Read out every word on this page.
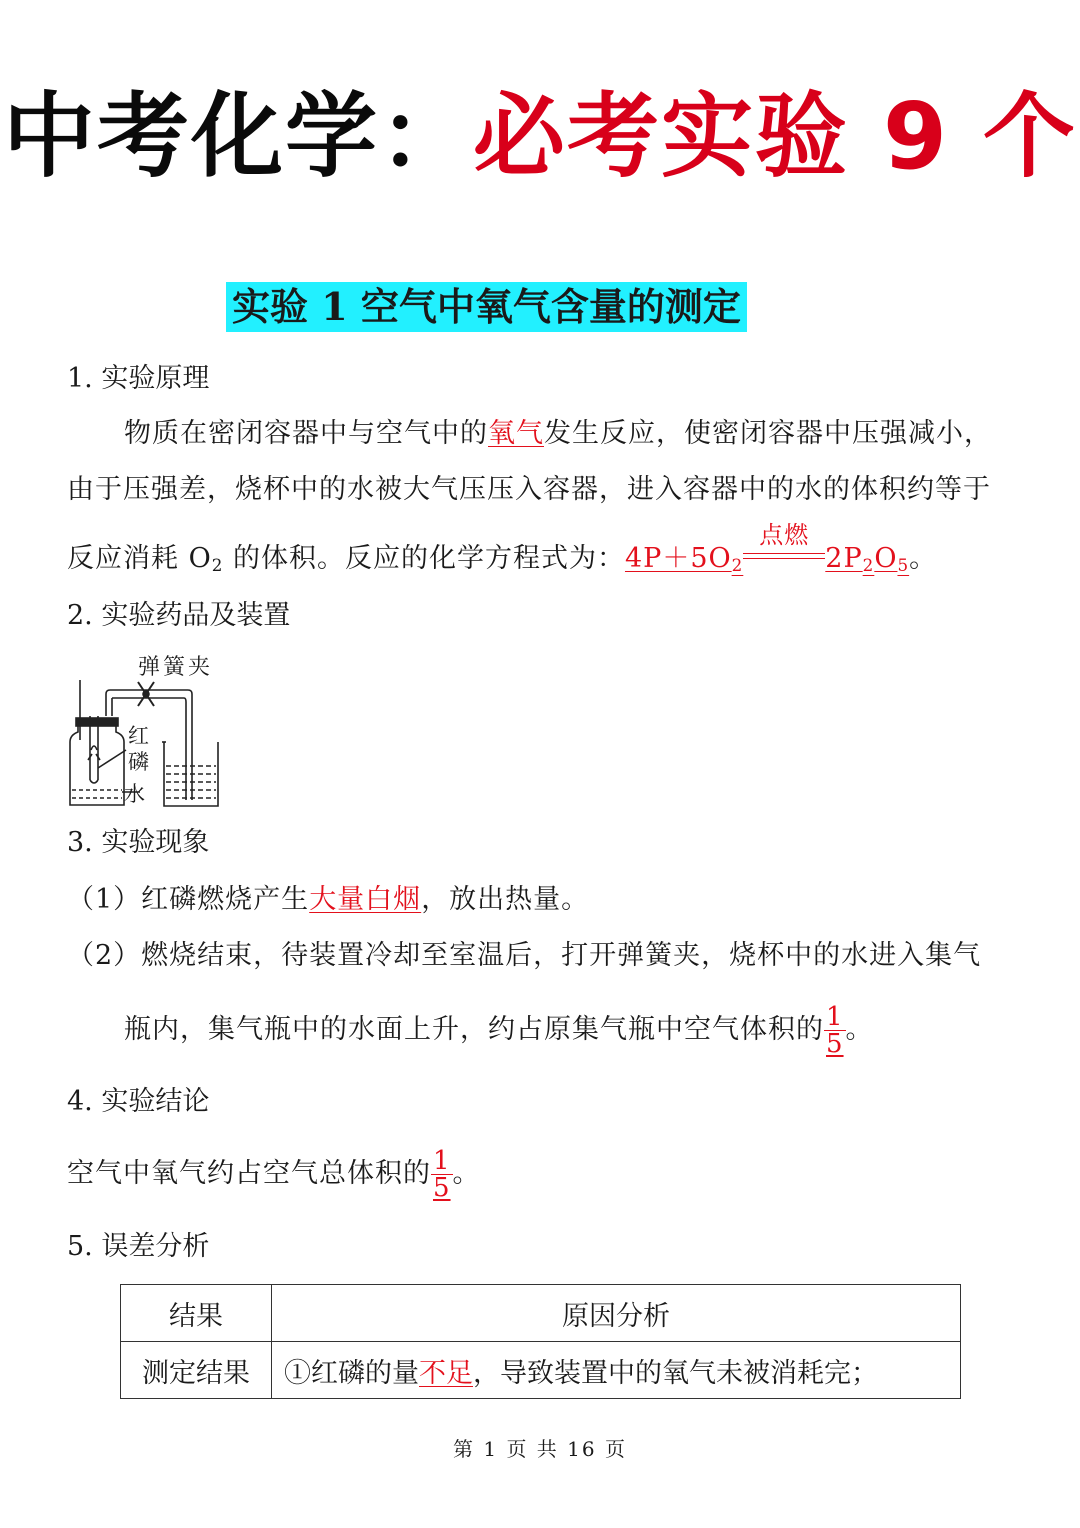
中考化学：必考实验 9 个
实验 1 空气中氧气含量的测定
1. 实验原理
物质在密闭容器中与空气中的氧气发生反应，使密闭容器中压强减小，
由于压强差，烧杯中的水被大气压压入容器，进入容器中的水的体积约等于
反应消耗 $O_2$ 的体积。反应的化学方程式为：$4P+5O_2$
点燃
$2P_2O_5$。
2. 实验药品及装置
弹簧夹
红
磷
水
3. 实验现象
（1）红磷燃烧产生大量白烟，放出热量。
（2）燃烧结束，待装置冷却至室温后，打开弹簧夹，烧杯中的水进入集气
瓶内，集气瓶中的水面上升，约占原集气瓶中空气体积的 $\frac{1}{5}$ 。
4. 实验结论
空气中氧气约占空气总体积的 $\frac{1}{5}$ 。
5. 误差分析
结果	原因分析
测定结果	①红磷的量不足，导致装置中的氧气未被消耗完；
第 1 页 共 16 页
